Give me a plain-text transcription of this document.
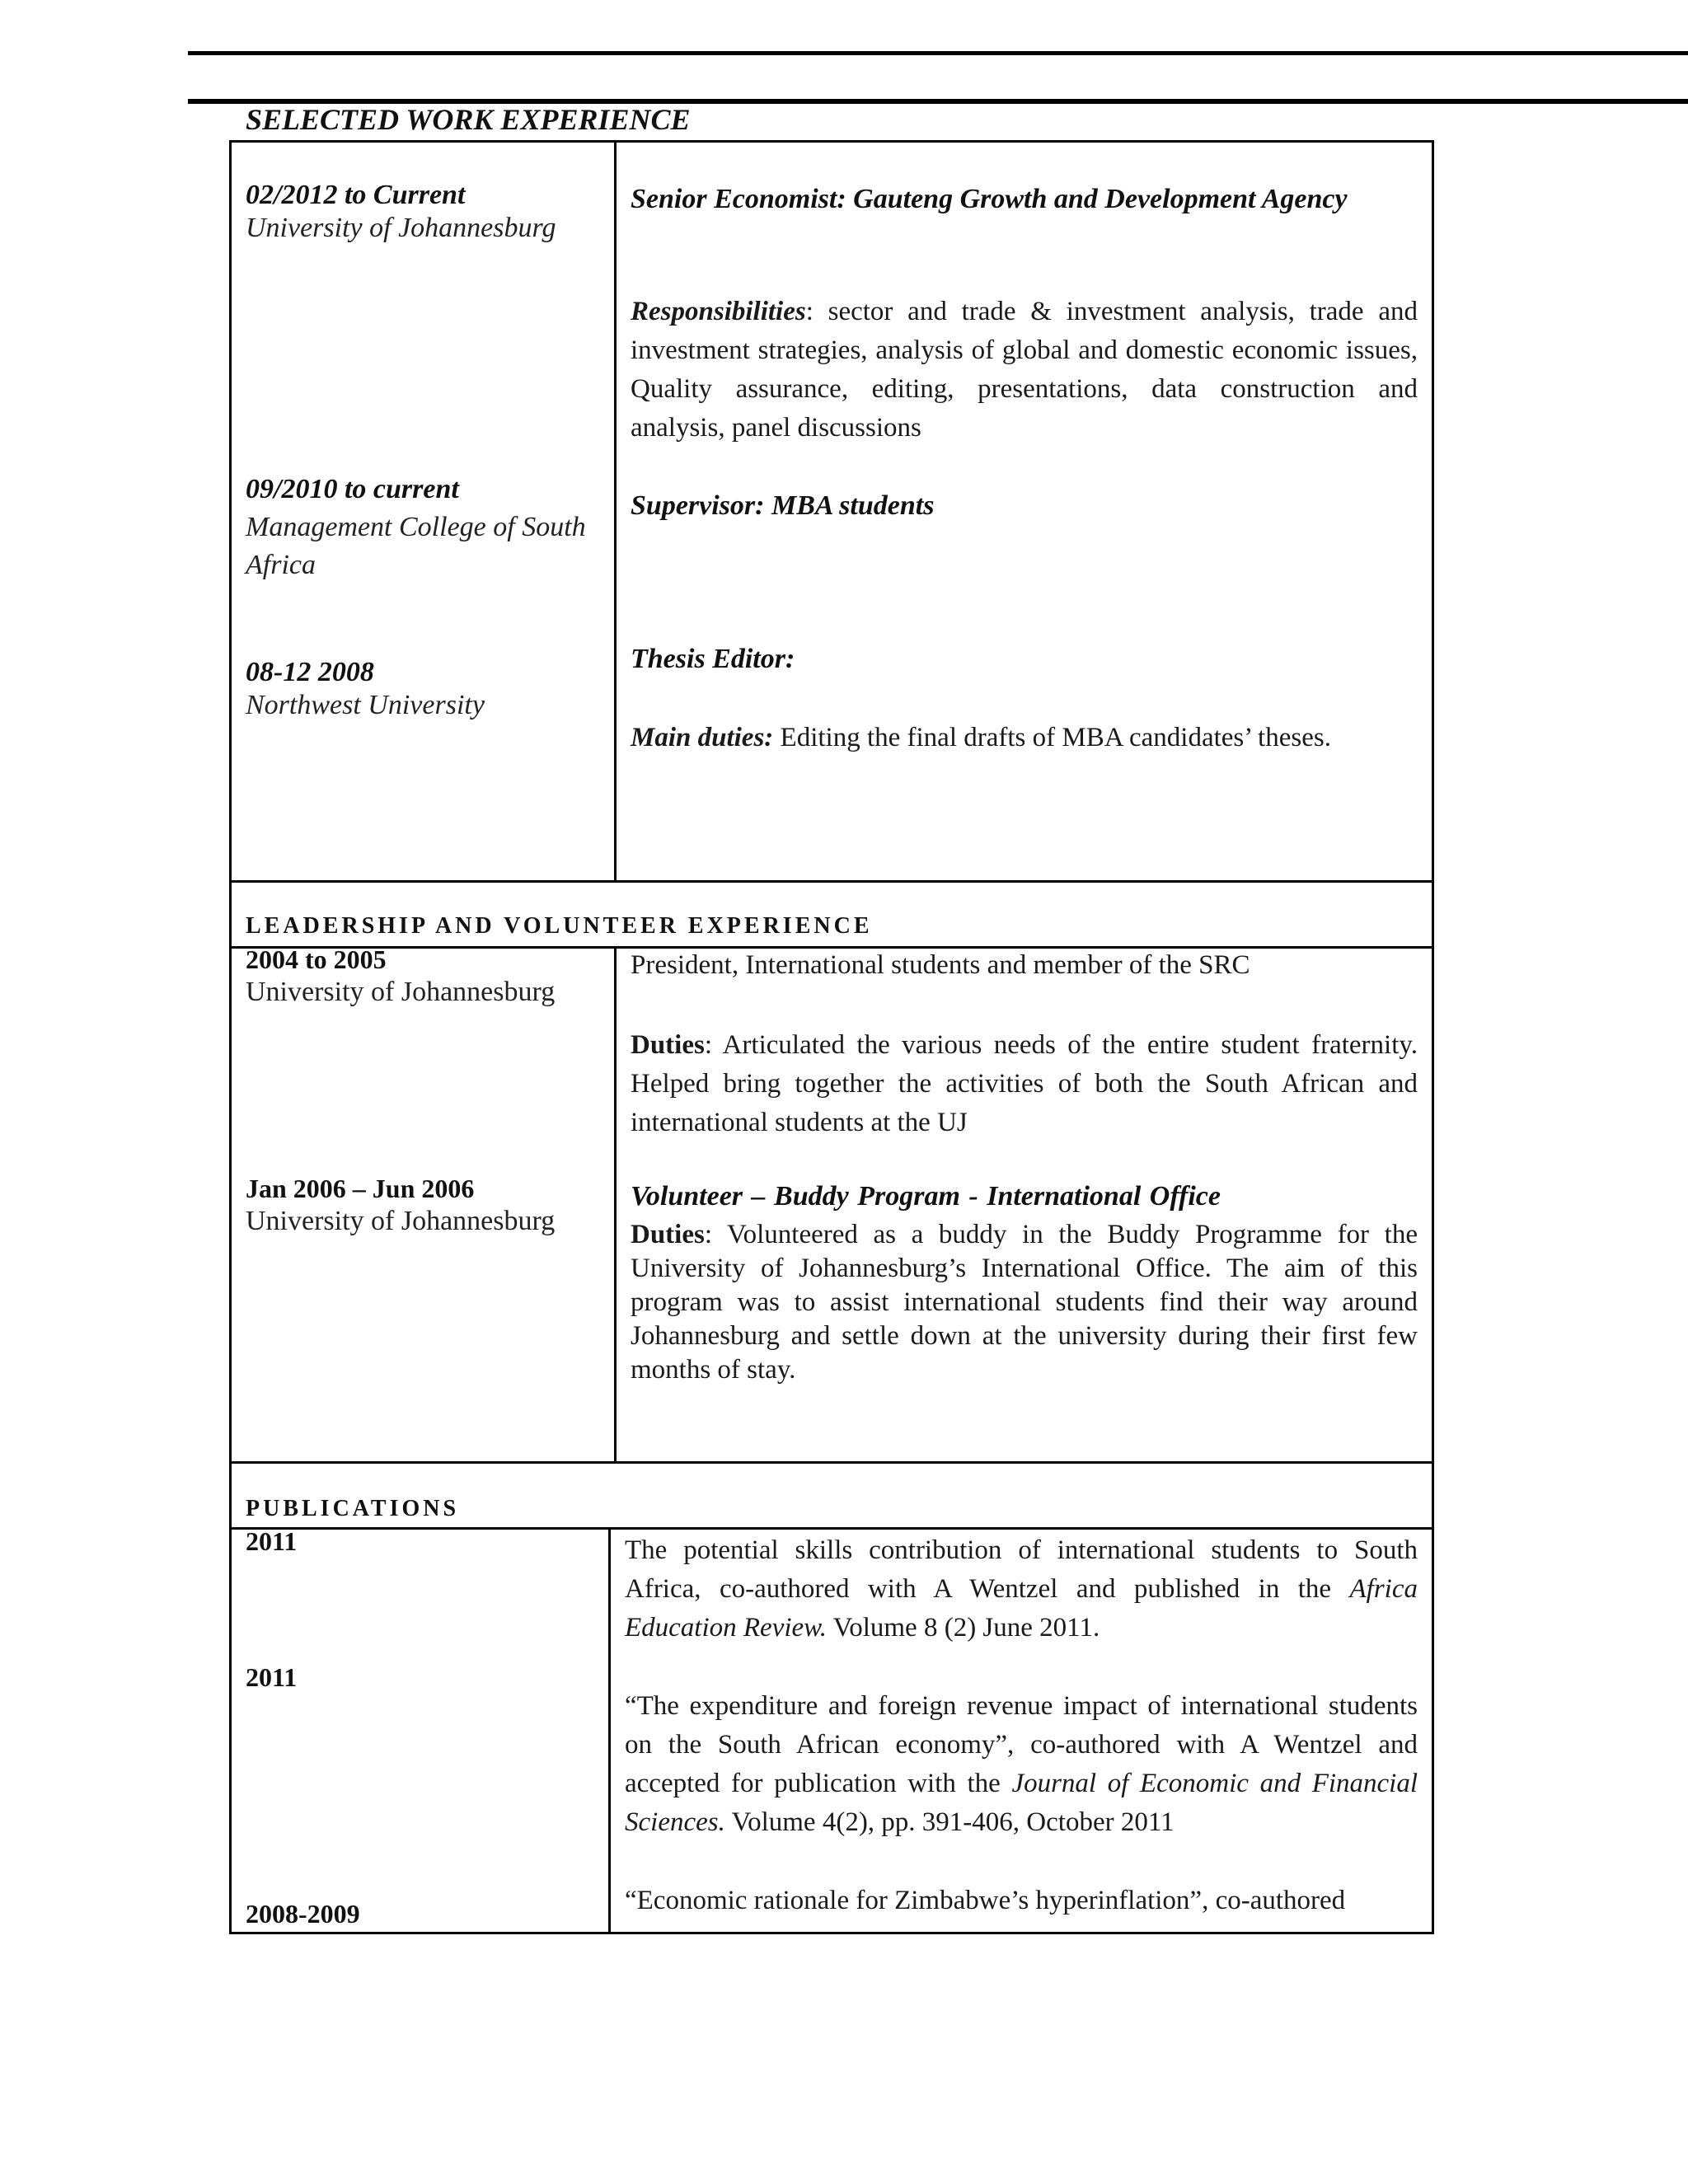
SELECTED WORK EXPERIENCE
02/2012 to Current
University of Johannesburg
09/2010 to current
Management College of South Africa
08-12 2008
Northwest University
Senior Economist: Gauteng Growth and Development Agency
Responsibilities: sector and trade & investment analysis, trade and investment strategies, analysis of global and domestic economic issues, Quality assurance, editing, presentations, data construction and analysis, panel discussions
Supervisor: MBA students
Thesis Editor:
Main duties: Editing the final drafts of MBA candidates’ theses.
LEADERSHIP AND VOLUNTEER EXPERIENCE
2004 to 2005
University of Johannesburg
Jan 2006 – Jun 2006
University of Johannesburg
President, International students and member of the SRC
Duties: Articulated the various needs of the entire student fraternity. Helped bring together the activities of both the South African and international students at the UJ
Volunteer – Buddy Program - International Office
Duties: Volunteered as a buddy in the Buddy Programme for the University of Johannesburg’s International Office. The aim of this program was to assist international students find their way around Johannesburg and settle down at the university during their first few months of stay.
PUBLICATIONS
2011
2011
2008-2009
The potential skills contribution of international students to South Africa, co-authored with A Wentzel and published in the Africa Education Review. Volume 8 (2) June 2011.
“The expenditure and foreign revenue impact of international students on the South African economy”, co-authored with A Wentzel and accepted for publication with the Journal of Economic and Financial Sciences. Volume 4(2), pp. 391-406, October 2011
“Economic rationale for Zimbabwe’s hyperinflation”, co-authored
